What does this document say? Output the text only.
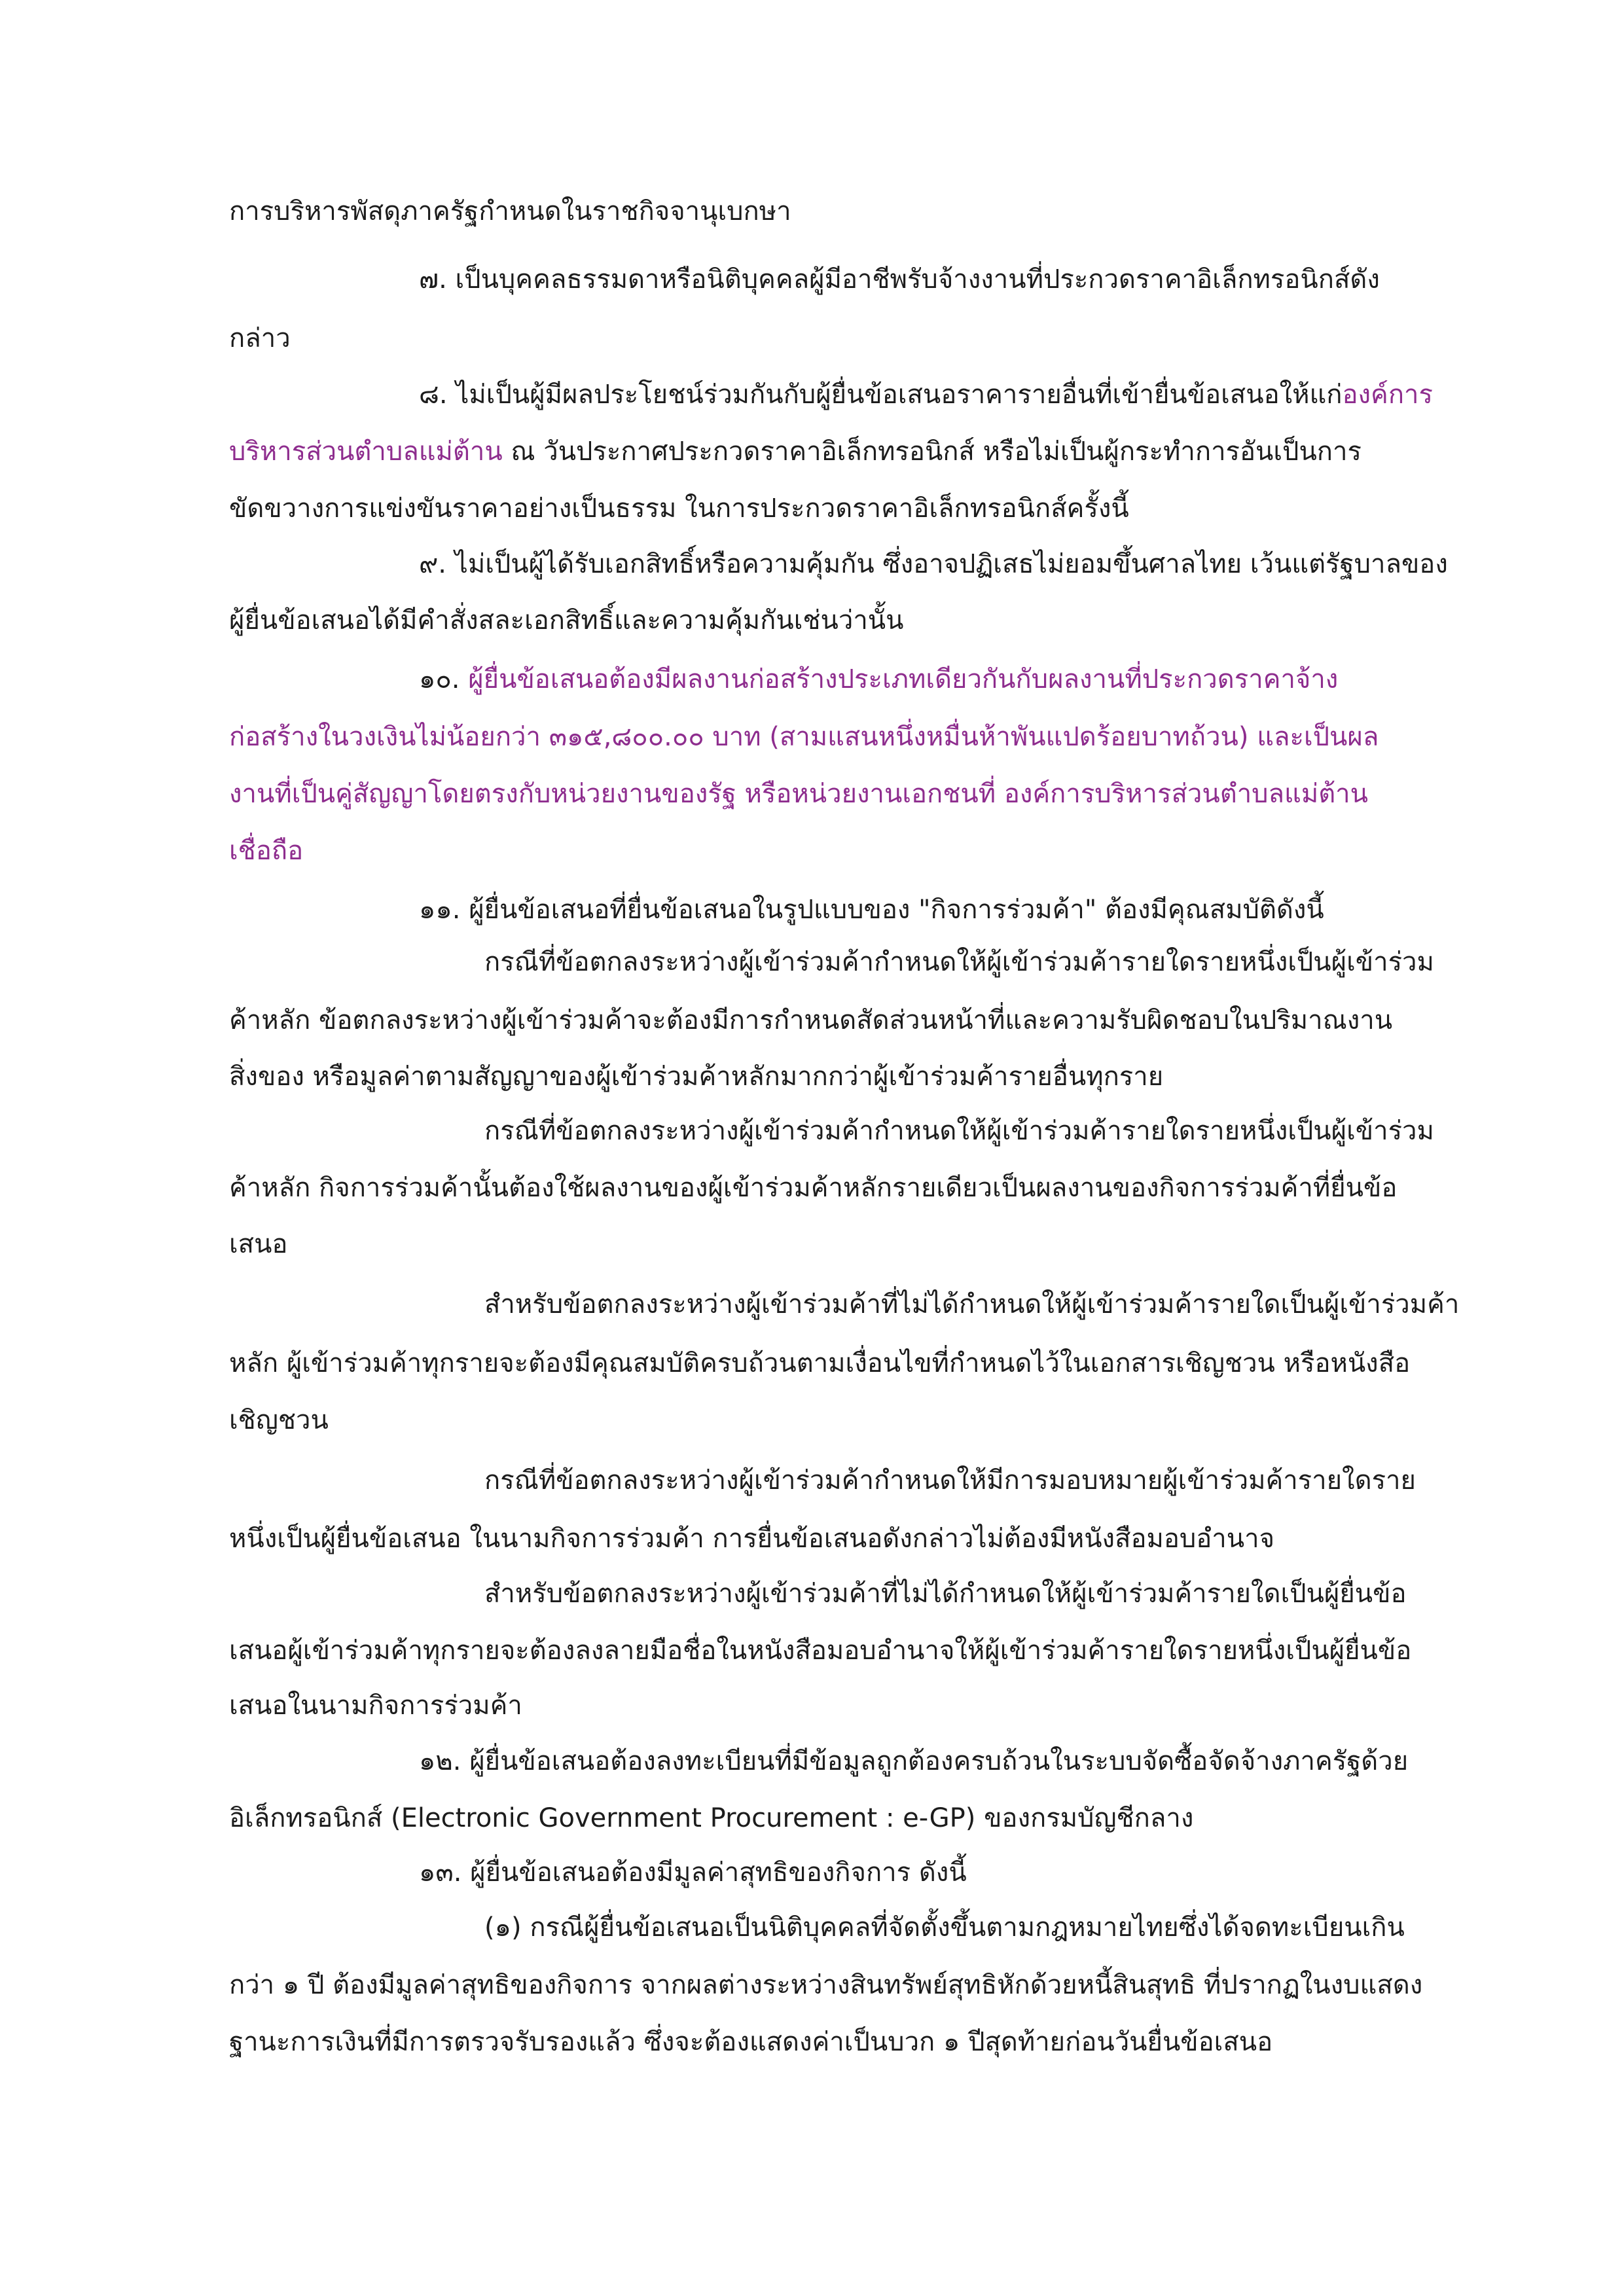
การบริหารพัสดุภาครัฐกำหนดในราชกิจจานุเบกษา
๗. เป็นบุคคลธรรมดาหรือนิติบุคคลผู้มีอาชีพรับจ้างงานที่ประกวดราคาอิเล็กทรอนิกส์ดัง
กล่าว
๘. ไม่เป็นผู้มีผลประโยชน์ร่วมกันกับผู้ยื่นข้อเสนอราคารายอื่นที่เข้ายื่นข้อเสนอให้แก่องค์การ
บริหารส่วนตำบลแม่ต้าน ณ วันประกาศประกวดราคาอิเล็กทรอนิกส์ หรือไม่เป็นผู้กระทำการอันเป็นการ
ขัดขวางการแข่งขันราคาอย่างเป็นธรรม ในการประกวดราคาอิเล็กทรอนิกส์ครั้งนี้
๙. ไม่เป็นผู้ได้รับเอกสิทธิ์หรือความคุ้มกัน ซึ่งอาจปฏิเสธไม่ยอมขึ้นศาลไทย เว้นแต่รัฐบาลของ
ผู้ยื่นข้อเสนอได้มีคำสั่งสละเอกสิทธิ์และความคุ้มกันเช่นว่านั้น
๑๐. ผู้ยื่นข้อเสนอต้องมีผลงานก่อสร้างประเภทเดียวกันกับผลงานที่ประกวดราคาจ้าง
ก่อสร้างในวงเงินไม่น้อยกว่า ๓๑๕,๘๐๐.๐๐ บาท (สามแสนหนึ่งหมื่นห้าพันแปดร้อยบาทถ้วน) และเป็นผล
งานที่เป็นคู่สัญญาโดยตรงกับหน่วยงานของรัฐ หรือหน่วยงานเอกชนที่ องค์การบริหารส่วนตำบลแม่ต้าน
เชื่อถือ
๑๑. ผู้ยื่นข้อเสนอที่ยื่นข้อเสนอในรูปแบบของ "กิจการร่วมค้า" ต้องมีคุณสมบัติดังนี้
กรณีที่ข้อตกลงระหว่างผู้เข้าร่วมค้ากำหนดให้ผู้เข้าร่วมค้ารายใดรายหนึ่งเป็นผู้เข้าร่วม
ค้าหลัก ข้อตกลงระหว่างผู้เข้าร่วมค้าจะต้องมีการกำหนดสัดส่วนหน้าที่และความรับผิดชอบในปริมาณงาน
สิ่งของ หรือมูลค่าตามสัญญาของผู้เข้าร่วมค้าหลักมากกว่าผู้เข้าร่วมค้ารายอื่นทุกราย
กรณีที่ข้อตกลงระหว่างผู้เข้าร่วมค้ากำหนดให้ผู้เข้าร่วมค้ารายใดรายหนึ่งเป็นผู้เข้าร่วม
ค้าหลัก กิจการร่วมค้านั้นต้องใช้ผลงานของผู้เข้าร่วมค้าหลักรายเดียวเป็นผลงานของกิจการร่วมค้าที่ยื่นข้อ
เสนอ
สำหรับข้อตกลงระหว่างผู้เข้าร่วมค้าที่ไม่ได้กำหนดให้ผู้เข้าร่วมค้ารายใดเป็นผู้เข้าร่วมค้า
หลัก ผู้เข้าร่วมค้าทุกรายจะต้องมีคุณสมบัติครบถ้วนตามเงื่อนไขที่กำหนดไว้ในเอกสารเชิญชวน หรือหนังสือ
เชิญชวน
กรณีที่ข้อตกลงระหว่างผู้เข้าร่วมค้ากำหนดให้มีการมอบหมายผู้เข้าร่วมค้ารายใดราย
หนึ่งเป็นผู้ยื่นข้อเสนอ ในนามกิจการร่วมค้า การยื่นข้อเสนอดังกล่าวไม่ต้องมีหนังสือมอบอำนาจ
สำหรับข้อตกลงระหว่างผู้เข้าร่วมค้าที่ไม่ได้กำหนดให้ผู้เข้าร่วมค้ารายใดเป็นผู้ยื่นข้อ
เสนอผู้เข้าร่วมค้าทุกรายจะต้องลงลายมือชื่อในหนังสือมอบอำนาจให้ผู้เข้าร่วมค้ารายใดรายหนึ่งเป็นผู้ยื่นข้อ
เสนอในนามกิจการร่วมค้า
๑๒. ผู้ยื่นข้อเสนอต้องลงทะเบียนที่มีข้อมูลถูกต้องครบถ้วนในระบบจัดซื้อจัดจ้างภาครัฐด้วย
อิเล็กทรอนิกส์ (Electronic Government Procurement : e-GP) ของกรมบัญชีกลาง
๑๓. ผู้ยื่นข้อเสนอต้องมีมูลค่าสุทธิของกิจการ ดังนี้
(๑) กรณีผู้ยื่นข้อเสนอเป็นนิติบุคคลที่จัดตั้งขึ้นตามกฎหมายไทยซึ่งได้จดทะเบียนเกิน
กว่า ๑ ปี ต้องมีมูลค่าสุทธิของกิจการ จากผลต่างระหว่างสินทรัพย์สุทธิหักด้วยหนี้สินสุทธิ ที่ปรากฏในงบแสดง
ฐานะการเงินที่มีการตรวจรับรองแล้ว ซึ่งจะต้องแสดงค่าเป็นบวก ๑ ปีสุดท้ายก่อนวันยื่นข้อเสนอ
